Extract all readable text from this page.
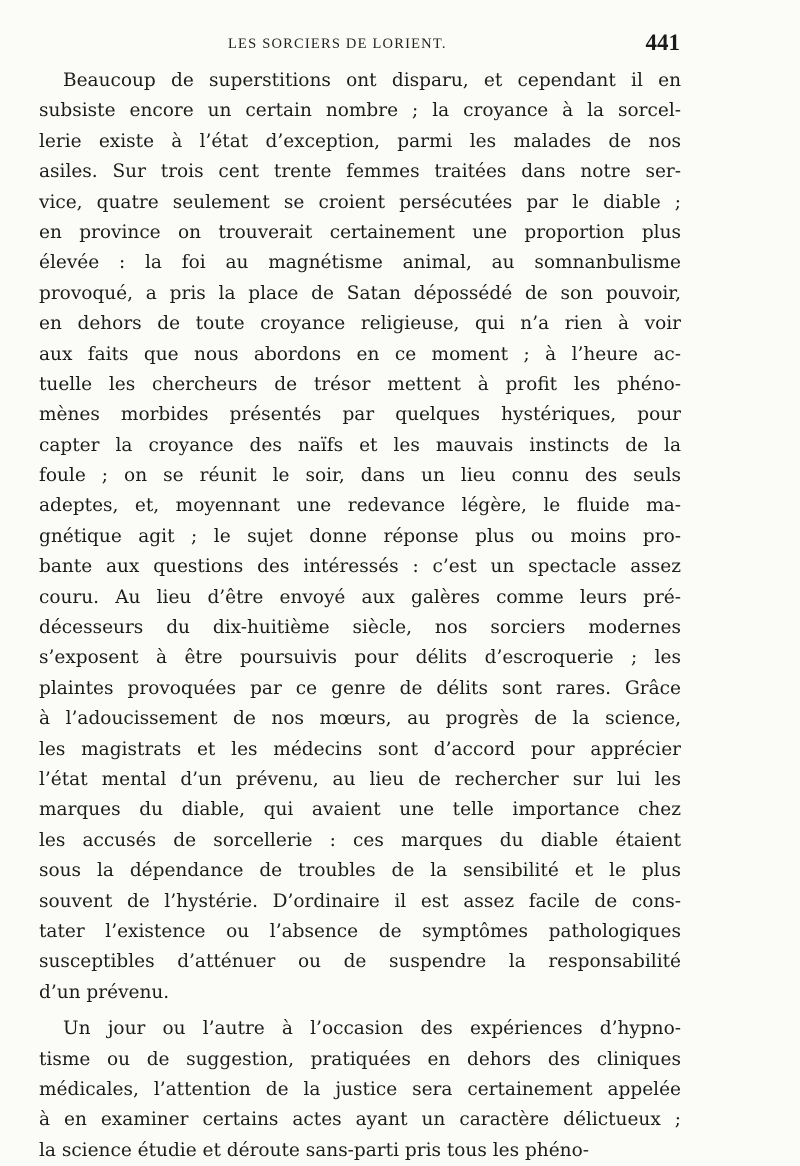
LES SORCIERS DE LORIENT.	441
Beaucoup de superstitions ont disparu, et cependant il en
subsiste encore un certain nombre ; la croyance à la sorcel-
lerie existe à l’état d’exception, parmi les malades de nos
asiles. Sur trois cent trente femmes traitées dans notre ser-
vice, quatre seulement se croient persécutées par le diable ;
en province on trouverait certainement une proportion plus
élevée : la foi au magnétisme animal, au somnanbulisme
provoqué, a pris la place de Satan dépossédé de son pouvoir,
en dehors de toute croyance religieuse, qui n’a rien à voir
aux faits que nous abordons en ce moment ; à l’heure ac-
tuelle les chercheurs de trésor mettent à profit les phéno-
mènes morbides présentés par quelques hystériques, pour
capter la croyance des naïfs et les mauvais instincts de la
foule ; on se réunit le soir, dans un lieu connu des seuls
adeptes, et, moyennant une redevance légère, le fluide ma-
gnétique agit ; le sujet donne réponse plus ou moins pro-
bante aux questions des intéressés : c’est un spectacle assez
couru. Au lieu d’être envoyé aux galères comme leurs pré-
décesseurs du dix-huitième siècle, nos sorciers modernes
s’exposent à être poursuivis pour délits d’escroquerie ; les
plaintes provoquées par ce genre de délits sont rares. Grâce
à l’adoucissement de nos mœurs, au progrès de la science,
les magistrats et les médecins sont d’accord pour apprécier
l’état mental d’un prévenu, au lieu de rechercher sur lui les
marques du diable, qui avaient une telle importance chez
les accusés de sorcellerie : ces marques du diable étaient
sous la dépendance de troubles de la sensibilité et le plus
souvent de l’hystérie. D’ordinaire il est assez facile de cons-
tater l’existence ou l’absence de symptômes pathologiques
susceptibles d’atténuer ou de suspendre la responsabilité
d’un prévenu.
Un jour ou l’autre à l’occasion des expériences d’hypno-
tisme ou de suggestion, pratiquées en dehors des cliniques
médicales, l’attention de la justice sera certainement appelée
à en examiner certains actes ayant un caractère délictueux ;
la science étudie et déroute sans-parti pris tous les phéno-
